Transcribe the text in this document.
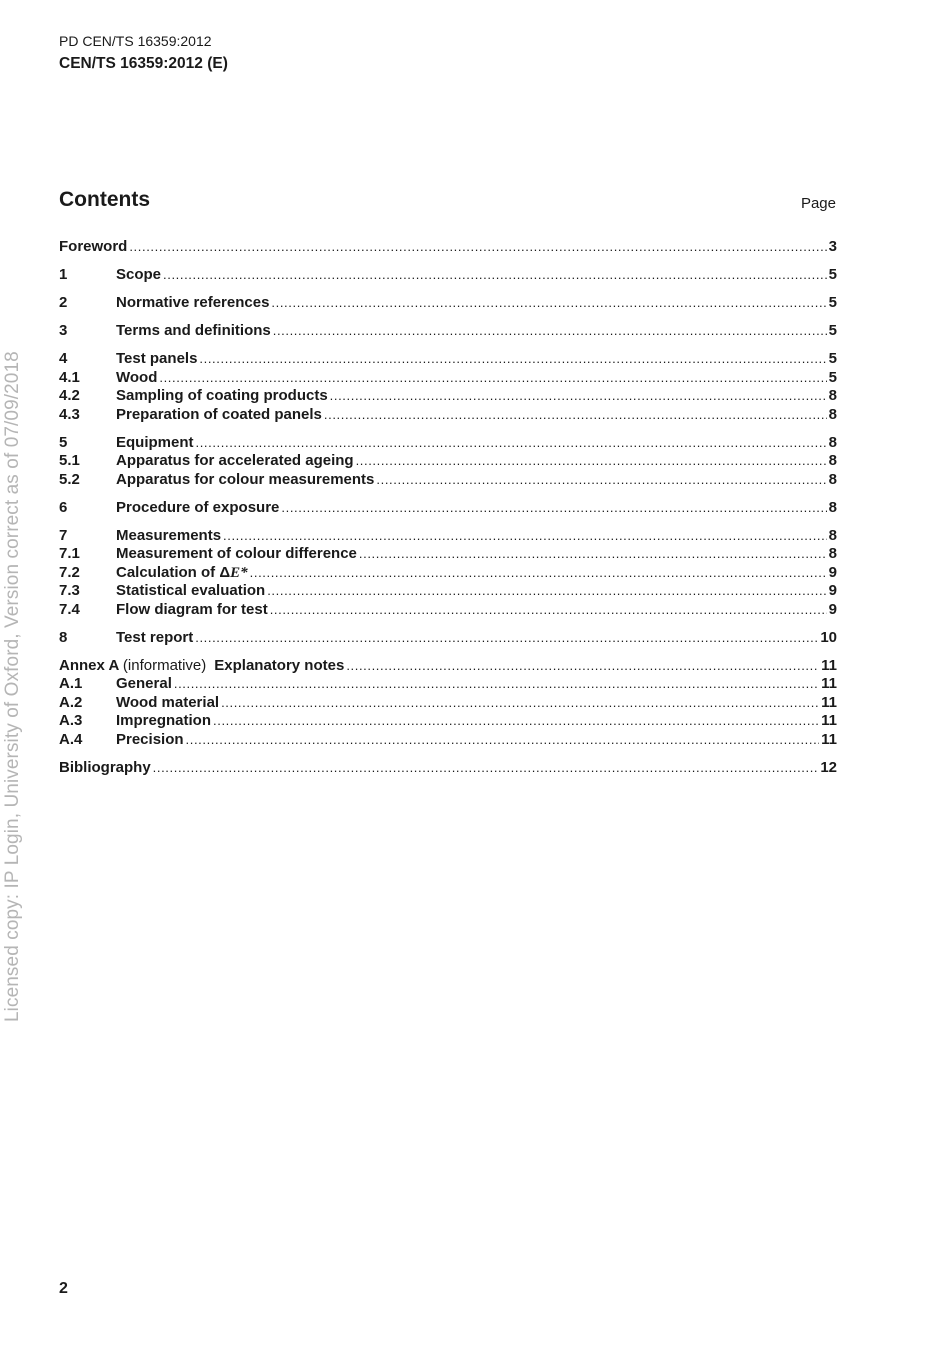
PD CEN/TS 16359:2012
CEN/TS 16359:2012 (E)
Contents	Page
Licensed copy: IP Login, University of Oxford, Version correct as of 07/09/2018
Foreword .....	3
1	Scope .....	5
2	Normative references .....	5
3	Terms and definitions .....	5
4	Test panels .....	5
4.1	Wood .....	5
4.2	Sampling of coating products .....	8
4.3	Preparation of coated panels .....	8
5	Equipment .....	8
5.1	Apparatus for accelerated ageing .....	8
5.2	Apparatus for colour measurements .....	8
6	Procedure of exposure .....	8
7	Measurements .....	8
7.1	Measurement of colour difference .....	8
7.2	Calculation of ΔE* .....	9
7.3	Statistical evaluation .....	9
7.4	Flow diagram for test .....	9
8	Test report .....	10
Annex A (informative) Explanatory notes .....	11
A.1	General .....	11
A.2	Wood material .....	11
A.3	Impregnation .....	11
A.4	Precision .....	11
Bibliography .....	12
2
